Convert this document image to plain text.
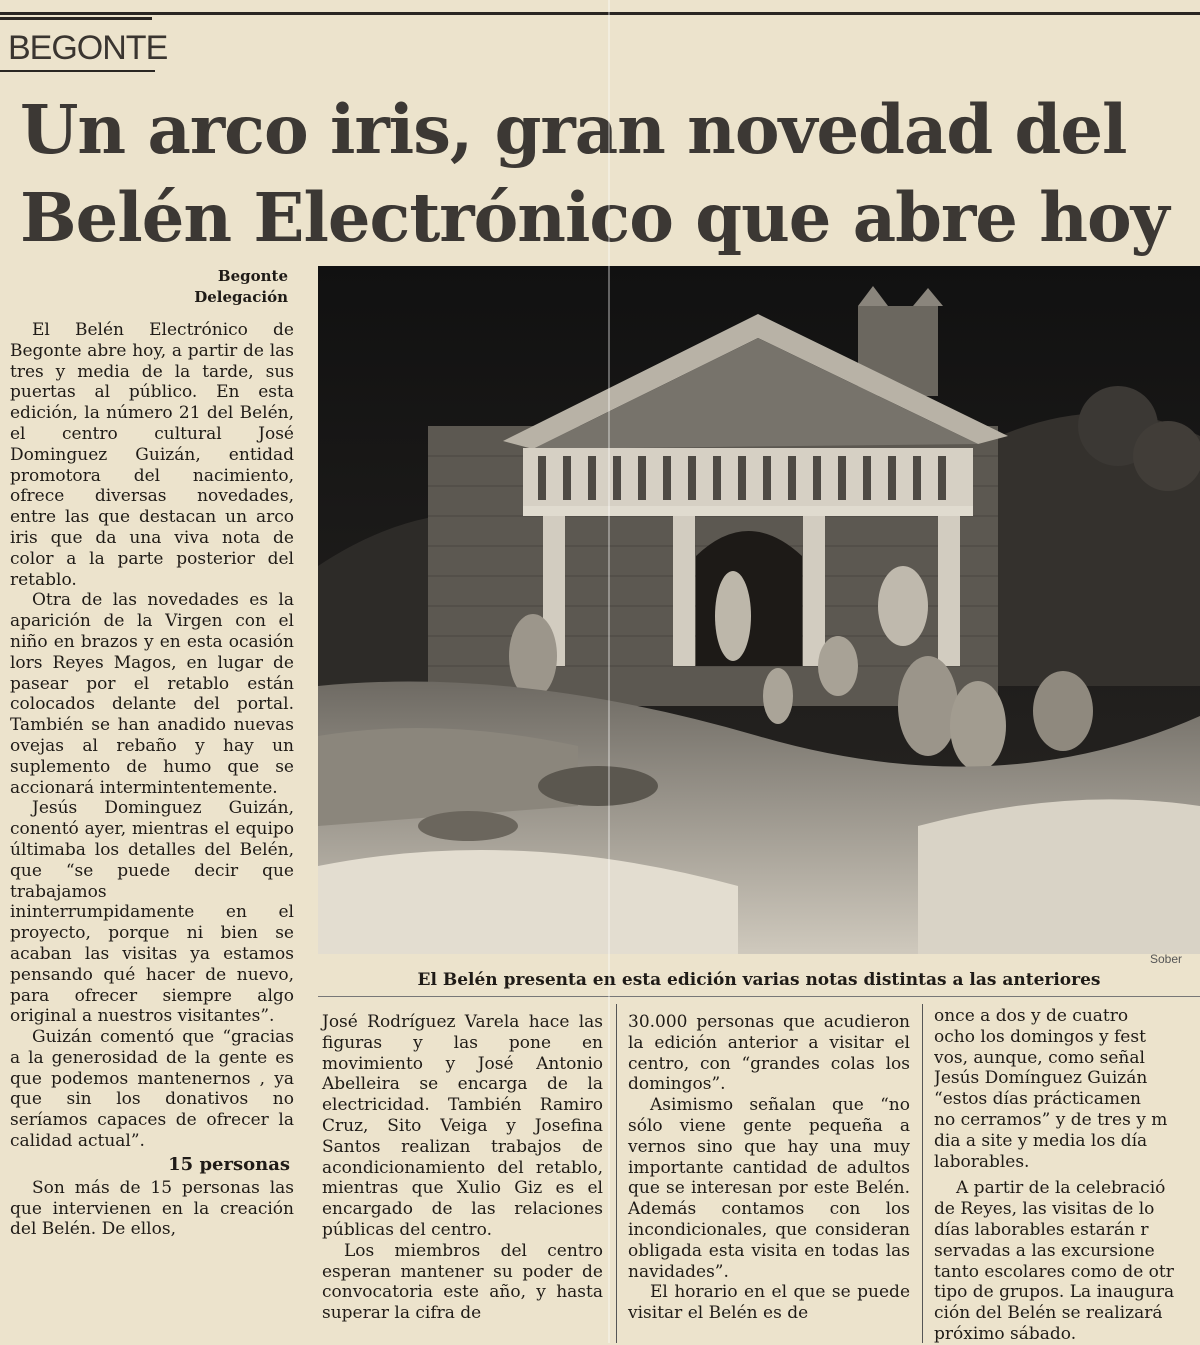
BEGONTE
Un arco iris, gran novedad del
Belén Electrónico que abre hoy
Begonte
Delegación

El Belén Electrónico de Begonte abre hoy, a partir de las tres y media de la tarde, sus puertas al público. En esta edición, la número 21 del Belén, el centro cultural José Dominguez Guizán, entidad promotora del nacimiento, ofrece diversas novedades, entre las que destacan un arco iris que da una viva nota de color a la parte posterior del retablo.

Otra de las novedades es la aparición de la Virgen con el niño en brazos y en esta ocasión lors Reyes Magos, en lugar de pasear por el retablo están colocados delante del portal. También se han anadido nuevas ovejas al rebaño y hay un suplemento de humo que se accionará intermintentemente.

Jesús Dominguez Guizán, conentó ayer, mientras el equipo últimaba los detalles del Belén, que “se puede decir que trabajamos ininterrumpidamente en el proyecto, porque ni bien se acaban las visitas ya estamos pensando qué hacer de nuevo, para ofrecer siempre algo original a nuestros visitantes”.

Guizán comentó que “gracias a la generosidad de la gente es que podemos mantenernos , ya que sin los donativos no seríamos capaces de ofrecer la calidad actual”.

15 personas

Son más de 15 personas las que intervienen en la creación del Belén. De ellos,

Sober
El Belén presenta en esta edición varias notas distintas a las anteriores

José Rodríguez Varela hace las figuras y las pone en movimiento y José Antonio Abelleira se encarga de la electricidad. También Ramiro Cruz, Sito Veiga y Josefina Santos realizan trabajos de acondicionamiento del retablo, mientras que Xulio Giz es el encargado de las relaciones públicas del centro.

Los miembros del centro esperan mantener su poder de convocatoria este año, y hasta superar la cifra de

30.000 personas que acudieron la edición anterior a visitar el centro, con “grandes colas los domingos”.

Asimismo señalan que “no sólo viene gente pequeña a vernos sino que hay una muy importante cantidad de adultos que se interesan por este Belén. Además contamos con los incondicionales, que consideran obligada esta visita en todas las navidades”.

El horario en el que se puede visitar el Belén es de

once a dos y de cuatro
ocho los domingos y fest
vos, aunque, como señal
Jesús Domínguez Guizán
“estos días prácticamen
no cerramos” y de tres y m
dia a site y media los día
laborables.
A partir de la celebració
de Reyes, las visitas de lo
días laborables estarán r
servadas a las excursione
tanto escolares como de otr
tipo de grupos. La inaugura
ción del Belén se realizará
próximo sábado.
